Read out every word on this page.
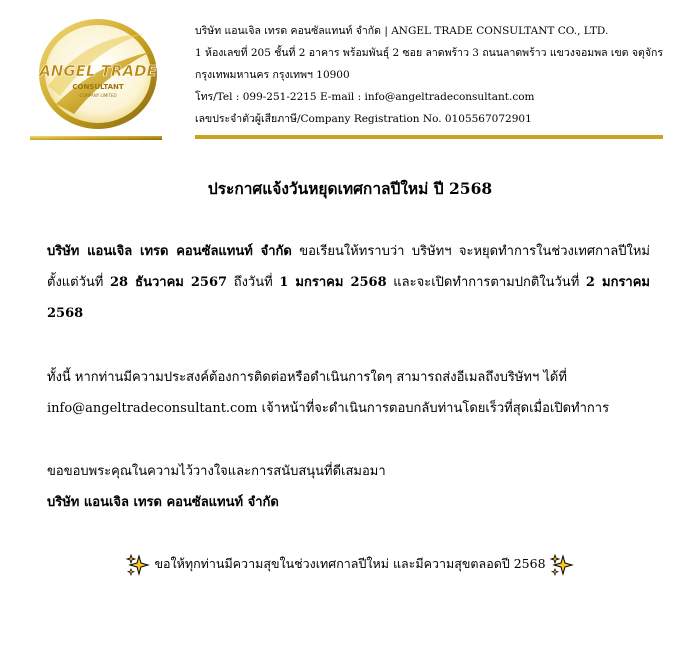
ANGEL TRADE
CONSULTANT
COMPANY LIMITED
บริษัท แอนเจิล เทรด คอนซัลแทนท์ จำกัด | ANGEL TRADE CONSULTANT CO., LTD.
1 ห้องเลขที่ 205 ชั้นที่ 2 อาคาร พร้อมพันธุ์ 2 ซอย ลาดพร้าว 3 ถนนลาดพร้าว แขวงจอมพล เขต จตุจักร
กรุงเทพมหานคร กรุงเทพฯ 10900
โทร/Tel : 099-251-2215 E-mail : info@angeltradeconsultant.com
เลขประจำตัวผู้เสียภาษี/Company Registration No. 0105567072901
ประกาศแจ้งวันหยุดเทศกาลปีใหม่ ปี 2568
บริษัท แอนเจิล เทรด คอนซัลแทนท์ จำกัด ขอเรียนให้ทราบว่า บริษัทฯ จะหยุดทำการในช่วงเทศกาลปีใหม่ ตั้งแต่วันที่ 28 ธันวาคม 2567 ถึงวันที่ 1 มกราคม 2568 และจะเปิดทำการตามปกติในวันที่ 2 มกราคม 2568
ทั้งนี้ หากท่านมีความประสงค์ต้องการติดต่อหรือดำเนินการใดๆ สามารถส่งอีเมลถึงบริษัทฯ ได้ที่ info@angeltradeconsultant.com เจ้าหน้าที่จะดำเนินการตอบกลับท่านโดยเร็วที่สุดเมื่อเปิดทำการ
ขอขอบพระคุณในความไว้วางใจและการสนับสนุนที่ดีเสมอมา
บริษัท แอนเจิล เทรด คอนซัลแทนท์ จำกัด
ขอให้ทุกท่านมีความสุขในช่วงเทศกาลปีใหม่ และมีความสุขตลอดปี 2568
